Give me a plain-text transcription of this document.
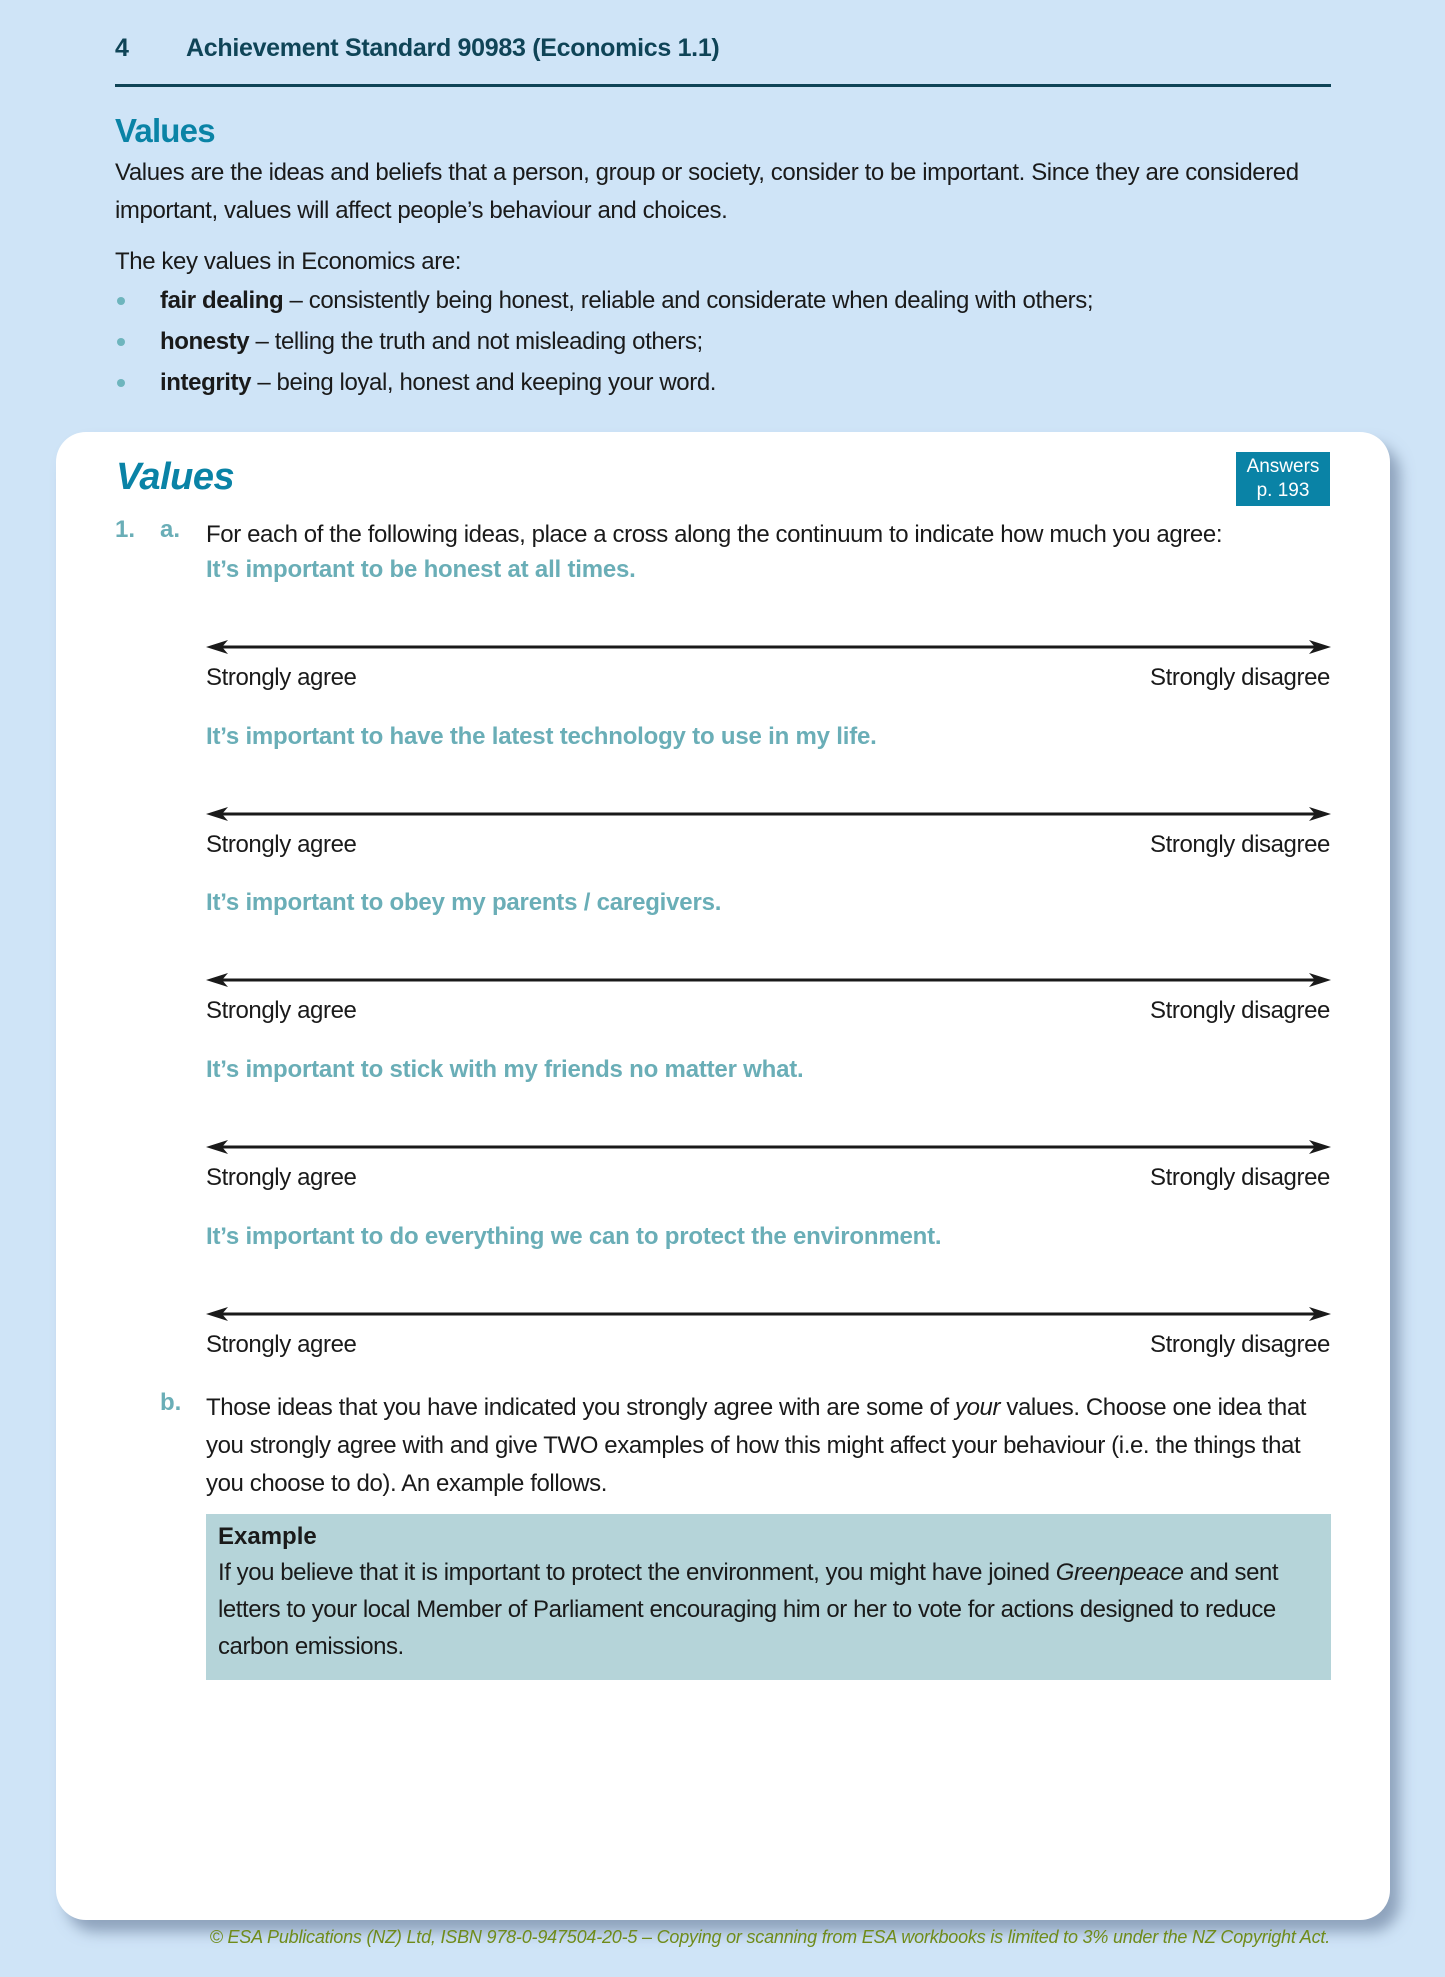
4 Achievement Standard 90983 (Economics 1.1)
Values
Values are the ideas and beliefs that a person, group or society, consider to be important. Since they are considered important, values will affect people’s behaviour and choices.
The key values in Economics are:
fair dealing – consistently being honest, reliable and considerate when dealing with others;
honesty – telling the truth and not misleading others;
integrity – being loyal, honest and keeping your word.
Values	Answers
p. 193
1. a. For each of the following ideas, place a cross along the continuum to indicate how much you agree:
It’s important to be honest at all times.
Strongly agree	Strongly disagree
It’s important to have the latest technology to use in my life.
Strongly agree	Strongly disagree
It’s important to obey my parents / caregivers.
Strongly agree	Strongly disagree
It’s important to stick with my friends no matter what.
Strongly agree	Strongly disagree
It’s important to do everything we can to protect the environment.
Strongly agree	Strongly disagree
b. Those ideas that you have indicated you strongly agree with are some of your values. Choose one idea that you strongly agree with and give TWO examples of how this might affect your behaviour (i.e. the things that you choose to do). An example follows.
Example
If you believe that it is important to protect the environment, you might have joined Greenpeace and sent letters to your local Member of Parliament encouraging him or her to vote for actions designed to reduce carbon emissions.
© ESA Publications (NZ) Ltd, ISBN 978-0-947504-20-5 – Copying or scanning from ESA workbooks is limited to 3% under the NZ Copyright Act.
